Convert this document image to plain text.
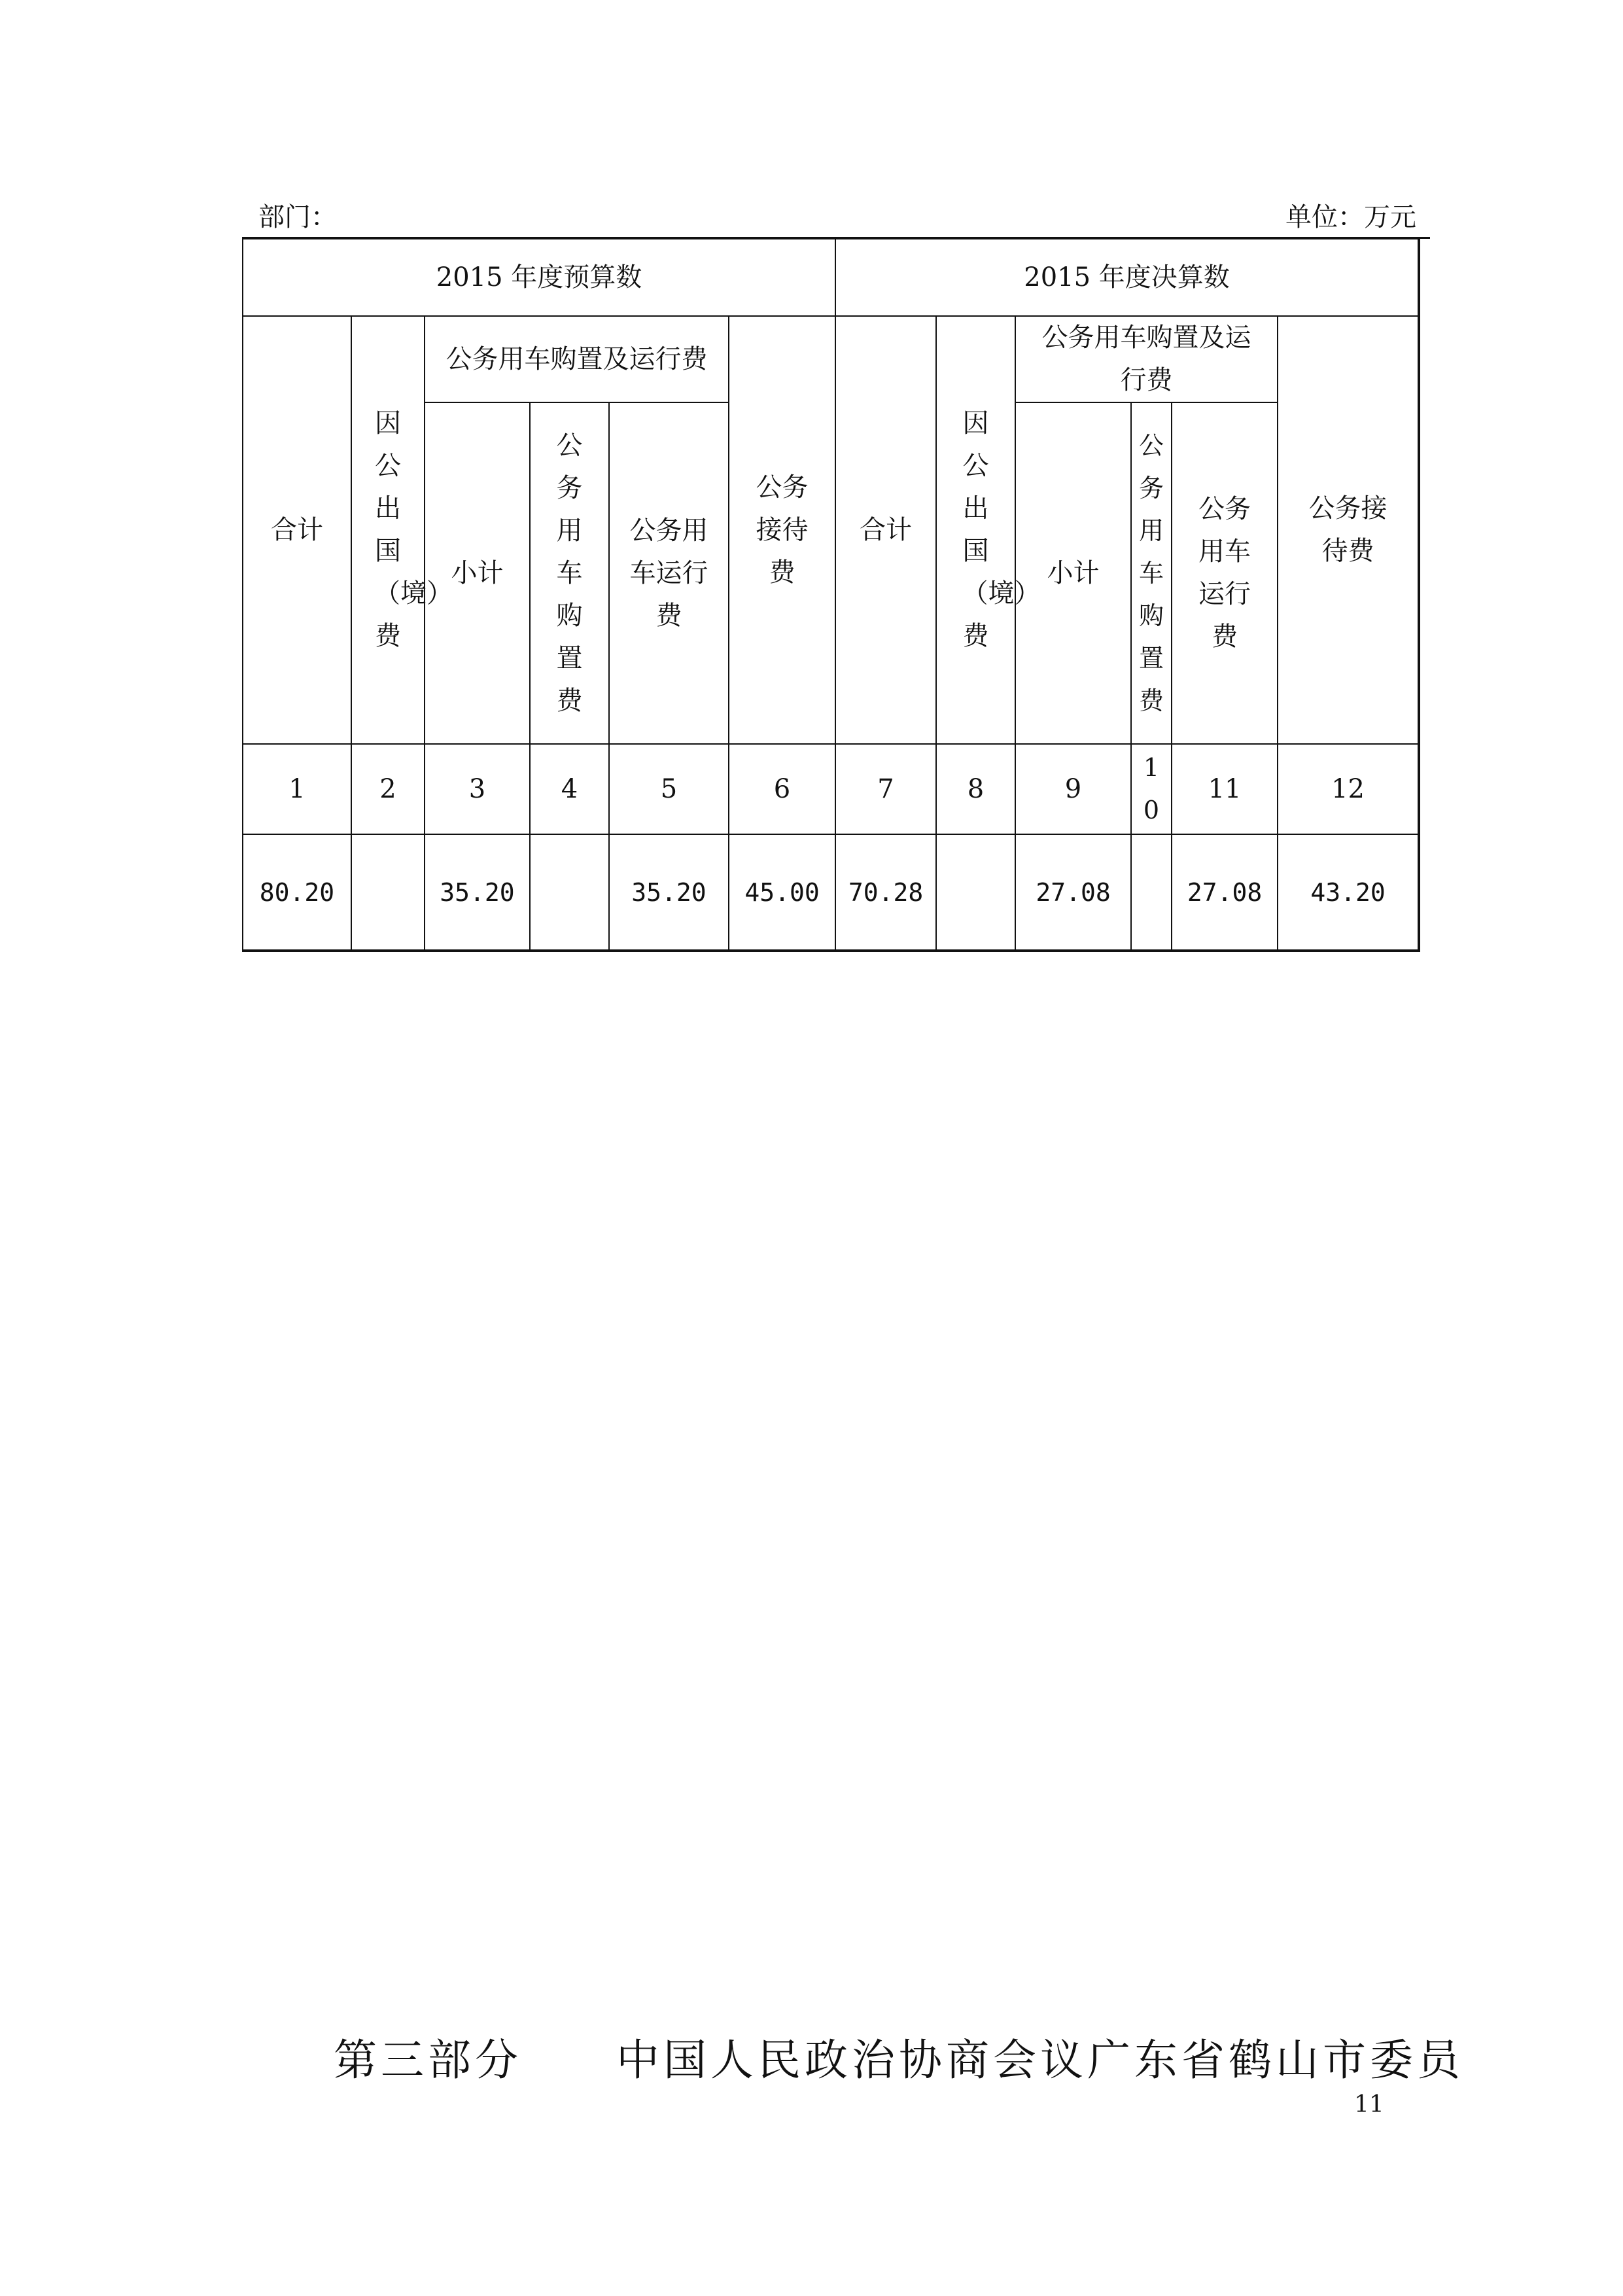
部门：	单位：万元
2015 年度预算数						2015 年度决算数					
合计	因公出国（境）费	公务用车购置及运行费			公务接待费	合计	因公出国（境）费	公务用车购置及运行费			公务接待费
		小计	公务用车购置费	公务用车运行费				小计	公务用车购置费	公务用车运行费	
1	2	3	4	5	6	7	8	9	10	11	12
80.20		35.20		35.20	45.00	70.28		27.08		27.08	43.20
第三部分　　中国人民政治协商会议广东省鹤山市委员
11
